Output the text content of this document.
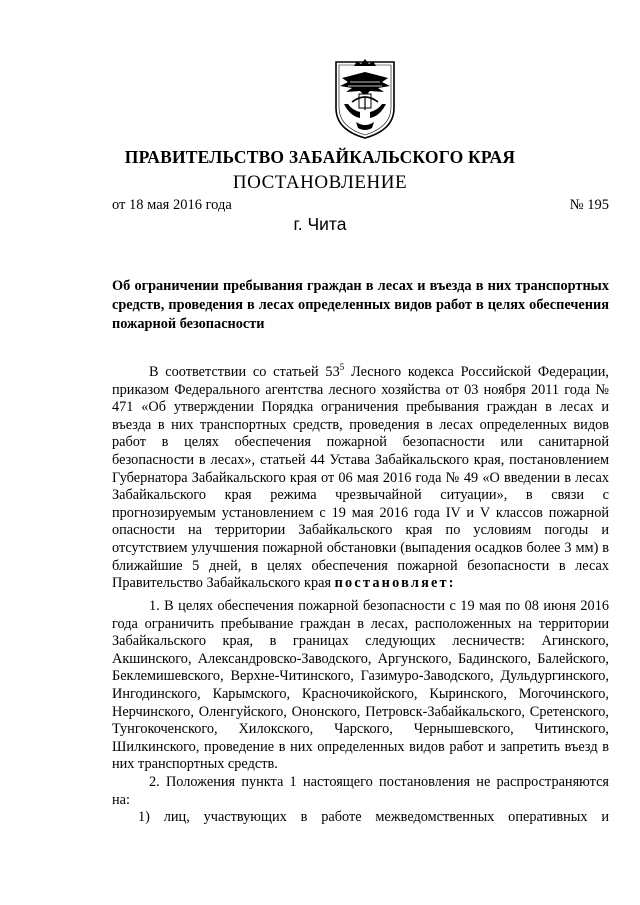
ПРАВИТЕЛЬСТВО ЗАБАЙКАЛЬСКОГО КРАЯ
ПОСТАНОВЛЕНИЕ
от 18 мая 2016 года	№ 195
г. Чита
Об ограничении пребывания граждан в лесах и въезда в них транспортных средств, проведения в лесах определенных видов работ в целях обеспечения пожарной безопасности

В соответствии со статьей $53^5$ Лесного кодекса Российской Федерации, приказом Федерального агентства лесного хозяйства от 03 ноября 2011 года № 471 «Об утверждении Порядка ограничения пребывания граждан в лесах и въезда в них транспортных средств, проведения в лесах определенных видов работ в целях обеспечения пожарной безопасности или санитарной безопасности в лесах», статьей 44 Устава Забайкальского края, постановлением Губернатора Забайкальского края от 06 мая 2016 года № 49 «О введении в лесах Забайкальского края режима чрезвычайной ситуации», в связи с прогнозируемым установлением с 19 мая 2016 года IV и V классов пожарной опасности на территории Забайкальского края по условиям погоды и отсутствием улучшения пожарной обстановки (выпадения осадков более 3 мм) в ближайшие 5 дней, в целях обеспечения пожарной безопасности в лесах Правительство Забайкальского края постановляет:

1. В целях обеспечения пожарной безопасности с 19 мая по 08 июня 2016 года ограничить пребывание граждан в лесах, расположенных на территории Забайкальского края, в границах следующих лесничеств: Агинского, Акшинского, Александровско-Заводского, Аргунского, Бадинского, Балейского, Беклемишевского, Верхне-Читинского, Газимуро-Заводского, Дульдургинского, Ингодинского, Карымского, Красночикойского, Кыринского, Могочинского, Нерчинского, Оленгуйского, Ононского, Петровск-Забайкальского, Сретенского, Тунгокоченского, Хилокского, Чарского, Чернышевского, Читинского, Шилкинского, проведение в них определенных видов работ и запретить въезд в них транспортных средств.

2. Положения пункта 1 настоящего постановления не распространяются на:

1) лиц, участвующих в работе межведомственных оперативных и
